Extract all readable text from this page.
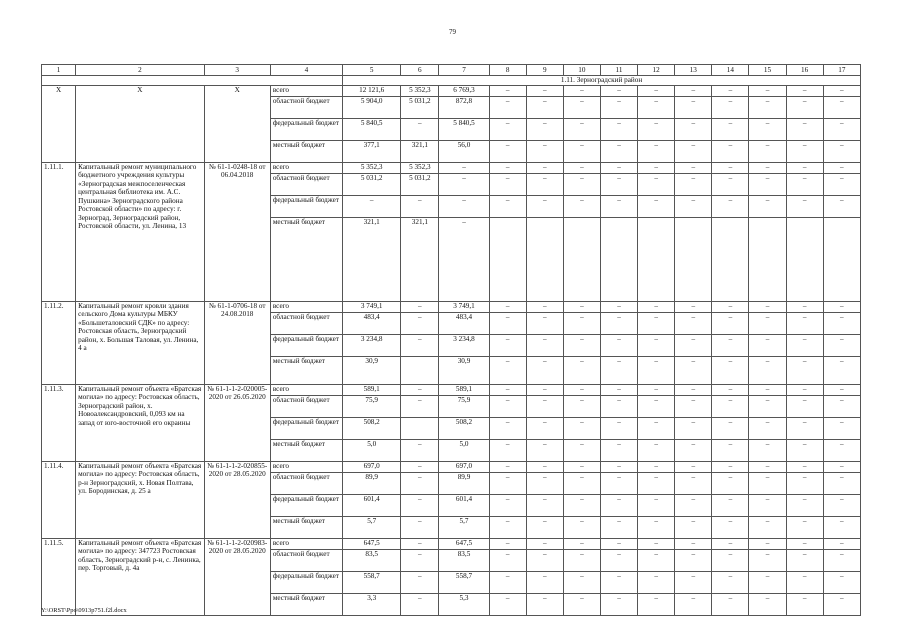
79
1	2	3	4	5	6	7	8	9	10	11	12	13	14	15	16	17
				1.11. Зерноградский район												
X	X	X	всего	12 121,6	5 352,3	6 769,3	–	–	–	–	–	–	–	–	–	–
			областной бюджет	5 904,0	5 031,2	872,8	–	–	–	–	–	–	–	–	–	–
			федеральный бюджет	5 840,5	–	5 840,5	–	–	–	–	–	–	–	–	–	–
			местный бюджет	377,1	321,1	56,0	–	–	–	–	–	–	–	–	–	–
1.11.1.	Капитальный ремонт муниципального бюджетного учреждения культуры «Зерноградская межпоселенческая центральная библиотека им. А.С. Пушкина» Зерноградского района Ростовской области» по адресу: г. Зерноград, Зерноградский район, Ростовской области, ул. Ленина, 13	№ 61-1-0248-18 от 06.04.2018	всего	5 352,3	5 352,3	–	–	–	–	–	–	–	–	–	–	–
			областной бюджет	5 031,2	5 031,2	–	–	–	–	–	–	–	–	–	–	–
			федеральный бюджет	–	–	–	–	–	–	–	–	–	–	–	–	–
			местный бюджет	321,1	321,1	–										
1.11.2.	Капитальный ремонт кровли здания сельского Дома культуры МБКУ «Большеталовский СДК» по адресу: Ростовская область, Зерноградский район, х. Большая Таловая, ул. Ленина, 4 а	№ 61-1-0706-18 от 24.08.2018	всего	3 749,1	–	3 749,1	–	–	–	–	–	–	–	–	–	–
			областной бюджет	483,4	–	483,4	–	–	–	–	–	–	–	–	–	–
			федеральный бюджет	3 234,8	–	3 234,8	–	–	–	–	–	–	–	–	–	–
			местный бюджет	30,9		30,9	–	–	–	–	–	–	–	–	–	–
1.11.3.	Капитальный ремонт объекта «Братская могила» по адресу: Ростовская область, Зерноградский район, х. Новоалександровский, 0,093 км на запад от юго-восточной его окраины	№ 61-1-1-2-020005-2020 от 26.05.2020	всего	589,1	–	589,1	–	–	–	–	–	–	–	–	–	–
			областной бюджет	75,9	–	75,9	–	–	–	–	–	–	–	–	–	–
			федеральный бюджет	508,2		508,2	–	–	–	–	–	–	–	–	–	–
			местный бюджет	5,0	–	5,0	–	–	–	–	–	–	–	–	–	–
1.11.4.	Капитальный ремонт объекта «Братская могила» по адресу: Ростовская область, р-н Зерноградский, х. Новая Полтава, ул. Бородинская, д. 25 а	№ 61-1-1-2-020855-2020 от 28.05.2020	всего	697,0	–	697,0	–	–	–	–	–	–	–	–	–	–
			областной бюджет	89,9	–	89,9	–	–	–	–	–	–	–	–	–	–
			федеральный бюджет	601,4	–	601,4	–	–	–	–	–	–	–	–	–	–
			местный бюджет	5,7	–	5,7	–	–	–	–	–	–	–	–	–	–
1.11.5.	Капитальный ремонт объекта «Братская могила» по адресу: 347723 Ростовская область, Зерноградский р-н, с. Ленинка, пер. Торговый, д. 4а	№ 61-1-1-2-020983-2020 от 28.05.2020	всего	647,5	–	647,5	–	–	–	–	–	–	–	–	–	–
			областной бюджет	83,5	–	83,5	–	–	–	–	–	–	–	–	–	–
			федеральный бюджет	558,7	–	558,7	–	–	–	–	–	–	–	–	–	–
			местный бюджет	3,3	–	5,3	–	–	–	–	–	–	–	–	–	–
Y:\ORST\Ppo\0913p751.f2l.docx
